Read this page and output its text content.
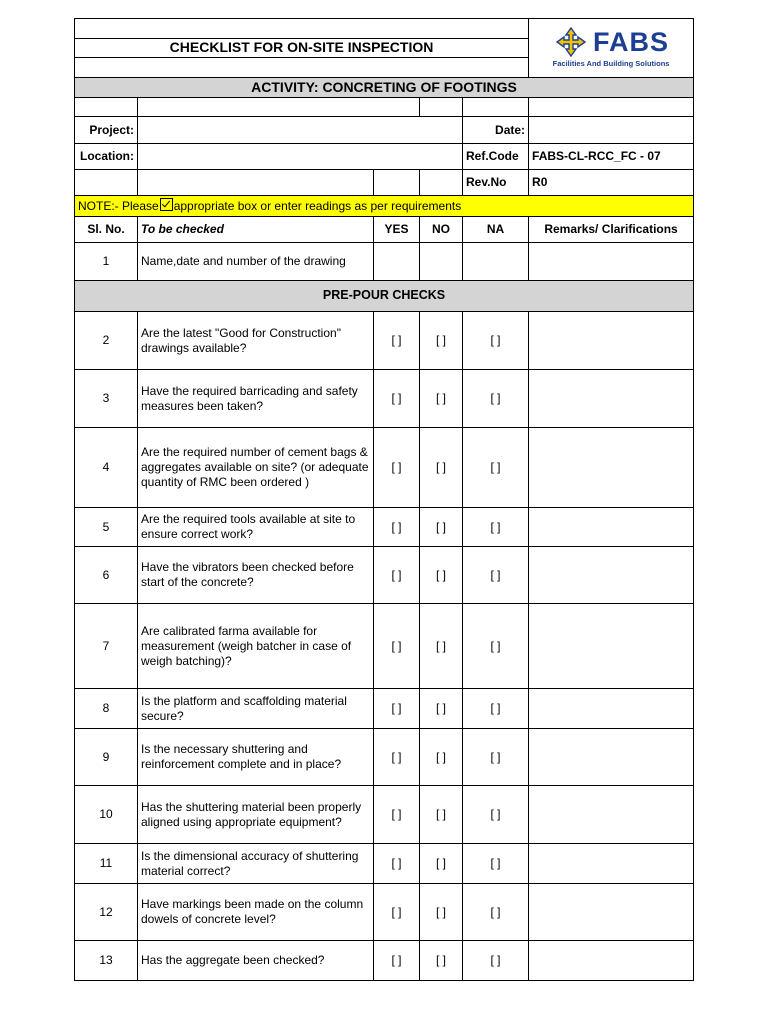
					FABS
Facilities And Building Solutions

CHECKLIST FOR ON-SITE INSPECTION					

ACTIVITY: CONCRETING OF FOOTINGS					

Project:				Date:	
Location:				Ref.Code	FABS-CL-RCC_FC - 07
				Rev.No	R0
NOTE:- Please appropriate box or enter readings as per requirements					
Sl. No.	To be checked	YES	NO	NA	Remarks/ Clarifications
1	Name,date and number of the drawing				
PRE-POUR CHECKS					
2	Are the latest "Good for Construction" drawings available?	[ ]	[ ]	[ ]	
3	Have the required barricading and safety measures been taken?	[ ]	[ ]	[ ]	
4	Are the required number of cement bags & aggregates available on site? (or adequate quantity of RMC been ordered )	[ ]	[ ]	[ ]	
5	Are the required tools available at site to ensure correct work?	[ ]	[ ]	[ ]	
6	Have the vibrators been checked before start of the concrete?	[ ]	[ ]	[ ]	
7	Are calibrated farma available for measurement (weigh batcher in case of weigh batching)?	[ ]	[ ]	[ ]	
8	Is the platform and scaffolding material secure?	[ ]	[ ]	[ ]	
9	Is the necessary shuttering and reinforcement complete and in place?	[ ]	[ ]	[ ]	
10	Has the shuttering material been properly aligned using appropriate equipment?	[ ]	[ ]	[ ]	
11	Is the dimensional accuracy of shuttering material correct?	[ ]	[ ]	[ ]	
12	Have markings been made on the column dowels of concrete level?	[ ]	[ ]	[ ]	
13	Has the aggregate been checked?	[ ]	[ ]	[ ]	
